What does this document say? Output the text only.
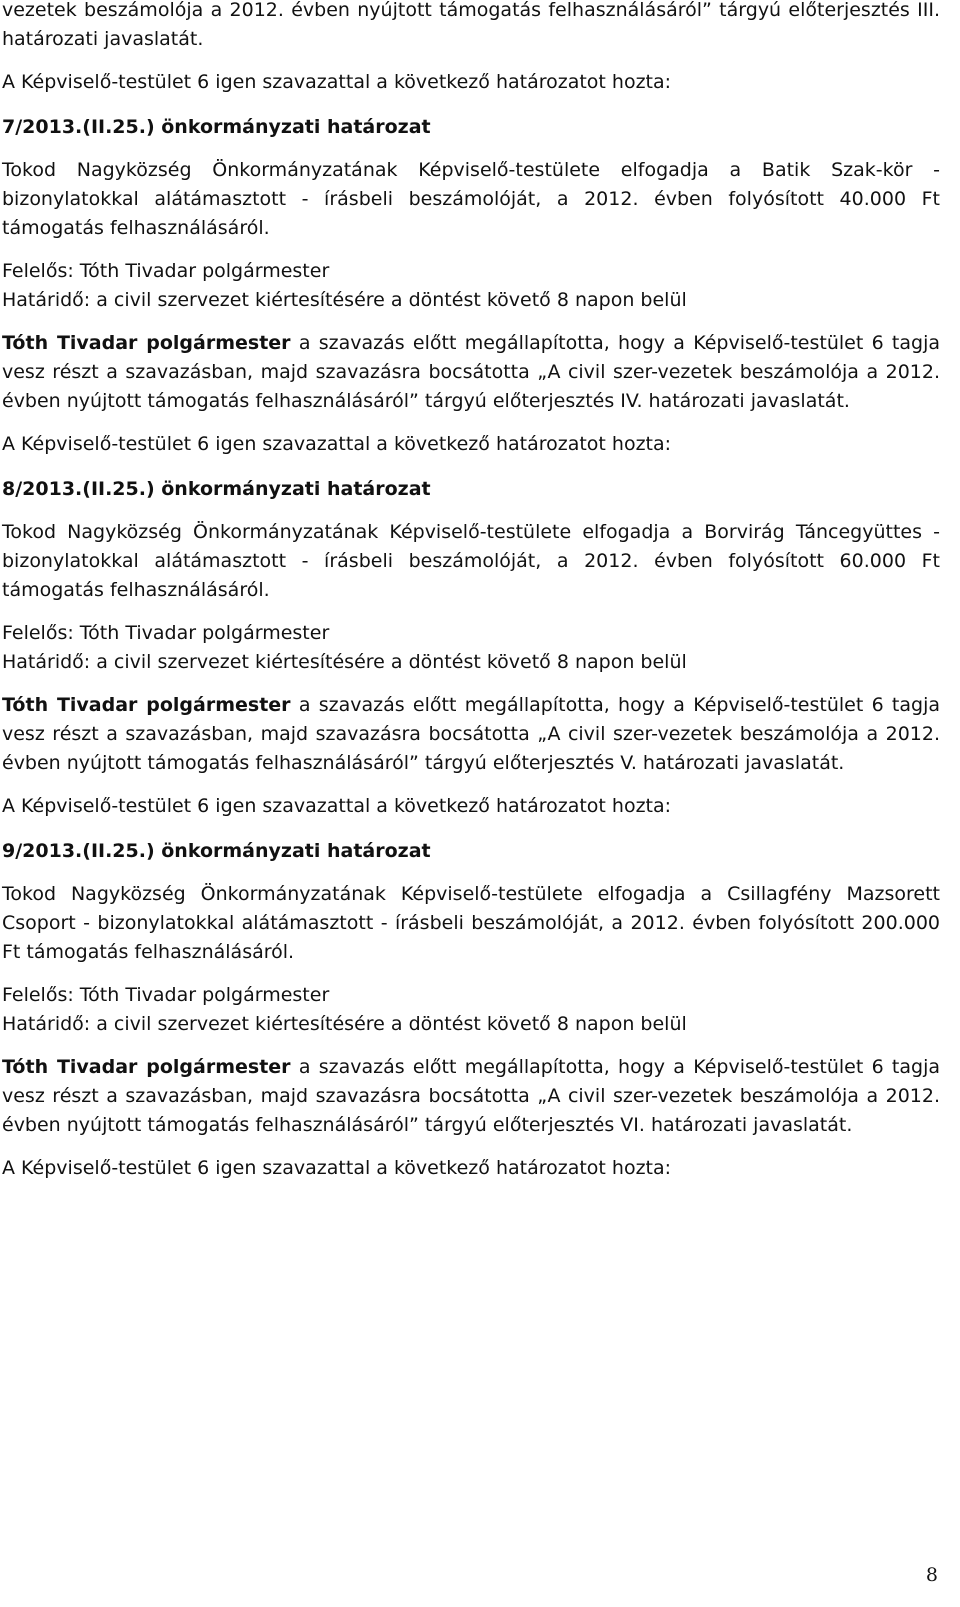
vezetek beszámolója a 2012. évben nyújtott támogatás felhasználásáról” tárgyú előterjesztés III. határozati javaslatát.

A Képviselő-testület 6 igen szavazattal a következő határozatot hozta:

7/2013.(II.25.) önkormányzati határozat

Tokod Nagyközség Önkormányzatának Képviselő-testülete elfogadja a Batik Szak-kör - bizonylatokkal alátámasztott - írásbeli beszámolóját, a 2012. évben folyósított 40.000 Ft támogatás felhasználásáról.

Felelős: Tóth Tivadar polgármester

Határidő: a civil szervezet kiértesítésére a döntést követő 8 napon belül

Tóth Tivadar polgármester a szavazás előtt megállapította, hogy a Képviselő-testület 6 tagja vesz részt a szavazásban, majd szavazásra bocsátotta „A civil szer-vezetek beszámolója a 2012. évben nyújtott támogatás felhasználásáról” tárgyú előterjesztés IV. határozati javaslatát.

A Képviselő-testület 6 igen szavazattal a következő határozatot hozta:

8/2013.(II.25.) önkormányzati határozat

Tokod Nagyközség Önkormányzatának Képviselő-testülete elfogadja a Borvirág Táncegyüttes - bizonylatokkal alátámasztott - írásbeli beszámolóját, a 2012. évben folyósított 60.000 Ft támogatás felhasználásáról.

Felelős: Tóth Tivadar polgármester

Határidő: a civil szervezet kiértesítésére a döntést követő 8 napon belül

Tóth Tivadar polgármester a szavazás előtt megállapította, hogy a Képviselő-testület 6 tagja vesz részt a szavazásban, majd szavazásra bocsátotta „A civil szer-vezetek beszámolója a 2012. évben nyújtott támogatás felhasználásáról” tárgyú előterjesztés V. határozati javaslatát.

A Képviselő-testület 6 igen szavazattal a következő határozatot hozta:

9/2013.(II.25.) önkormányzati határozat

Tokod Nagyközség Önkormányzatának Képviselő-testülete elfogadja a Csillagfény Mazsorett Csoport - bizonylatokkal alátámasztott - írásbeli beszámolóját, a 2012. évben folyósított 200.000 Ft támogatás felhasználásáról.

Felelős: Tóth Tivadar polgármester

Határidő: a civil szervezet kiértesítésére a döntést követő 8 napon belül

Tóth Tivadar polgármester a szavazás előtt megállapította, hogy a Képviselő-testület 6 tagja vesz részt a szavazásban, majd szavazásra bocsátotta „A civil szer-vezetek beszámolója a 2012. évben nyújtott támogatás felhasználásáról” tárgyú előterjesztés VI. határozati javaslatát.

A Képviselő-testület 6 igen szavazattal a következő határozatot hozta:

8
